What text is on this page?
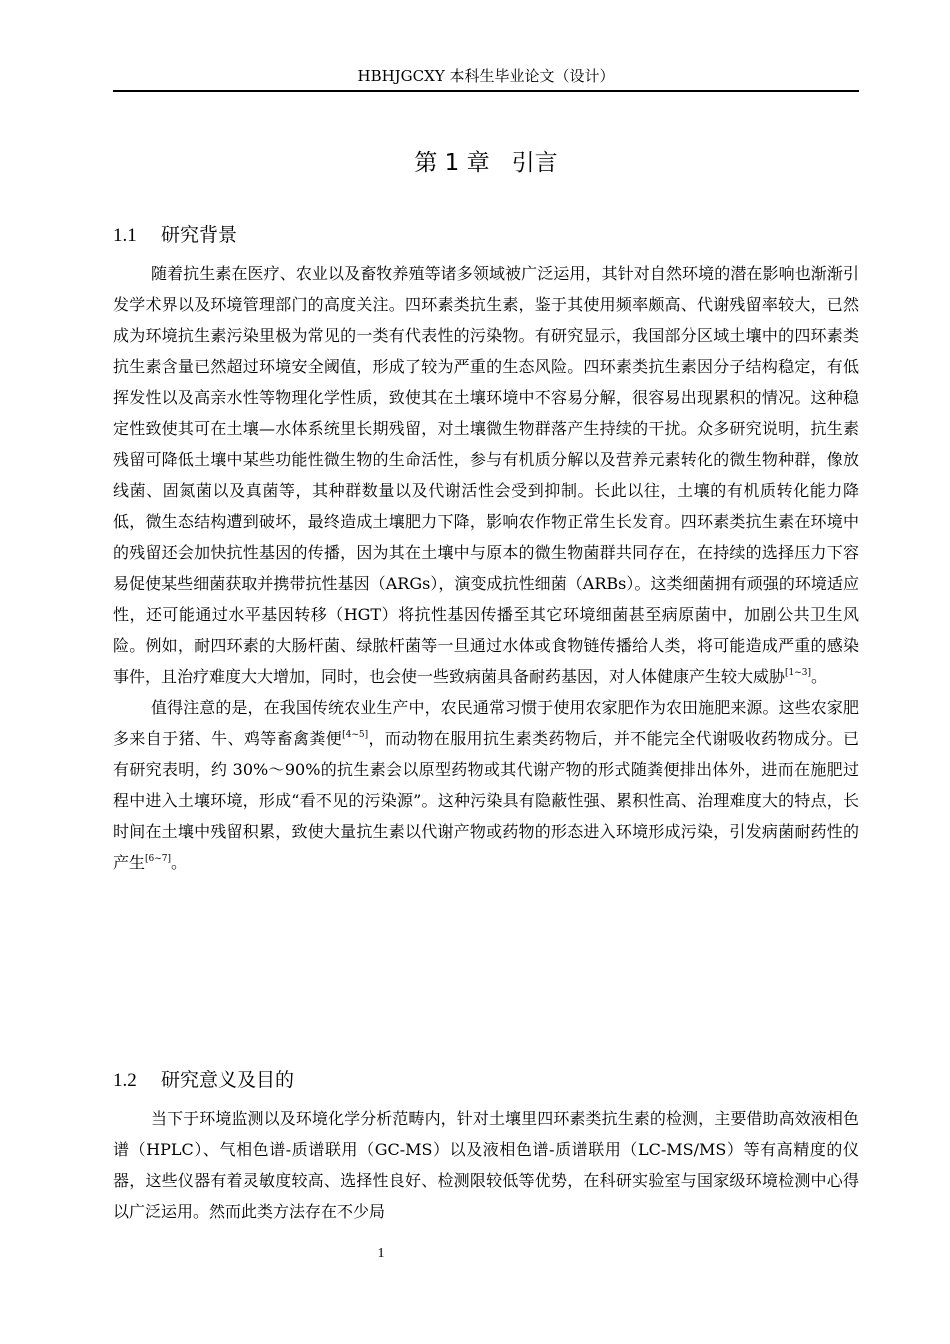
HBHJGCXY 本科生毕业论文（设计）
第 1 章 引言
1.1 研究背景

随着抗生素在医疗、农业以及畜牧养殖等诸多领域被广泛运用，其针对自然环境的潜在影响也渐渐引发学术界以及环境管理部门的高度关注。四环素类抗生素，鉴于其使用频率颇高、代谢残留率较大，已然成为环境抗生素污染里极为常见的一类有代表性的污染物。有研究显示，我国部分区域土壤中的四环素类抗生素含量已然超过环境安全阈值，形成了较为严重的生态风险。四环素类抗生素因分子结构稳定，有低挥发性以及高亲水性等物理化学性质，致使其在土壤环境中不容易分解，很容易出现累积的情况。这种稳定性致使其可在土壤—水体系统里长期残留，对土壤微生物群落产生持续的干扰。众多研究说明，抗生素残留可降低土壤中某些功能性微生物的生命活性，参与有机质分解以及营养元素转化的微生物种群，像放线菌、固氮菌以及真菌等，其种群数量以及代谢活性会受到抑制。长此以往，土壤的有机质转化能力降低，微生态结构遭到破坏，最终造成土壤肥力下降，影响农作物正常生长发育。四环素类抗生素在环境中的残留还会加快抗性基因的传播，因为其在土壤中与原本的微生物菌群共同存在，在持续的选择压力下容易促使某些细菌获取并携带抗性基因（ARGs），演变成抗性细菌（ARBs）。这类细菌拥有顽强的环境适应性，还可能通过水平基因转移（HGT）将抗性基因传播至其它环境细菌甚至病原菌中，加剧公共卫生风险。例如，耐四环素的大肠杆菌、绿脓杆菌等一旦通过水体或食物链传播给人类，将可能造成严重的感染事件，且治疗难度大大增加，同时，也会使一些致病菌具备耐药基因，对人体健康产生较大威胁[1~3]。

值得注意的是，在我国传统农业生产中，农民通常习惯于使用农家肥作为农田施肥来源。这些农家肥多来自于猪、牛、鸡等畜禽粪便[4~5]，而动物在服用抗生素类药物后，并不能完全代谢吸收药物成分。已有研究表明，约 30%～90%的抗生素会以原型药物或其代谢产物的形式随粪便排出体外，进而在施肥过程中进入土壤环境，形成“看不见的污染源”。这种污染具有隐蔽性强、累积性高、治理难度大的特点，长时间在土壤中残留积累，致使大量抗生素以代谢产物或药物的形态进入环境形成污染，引发病菌耐药性的产生[6~7]。

1.2 研究意义及目的

当下于环境监测以及环境化学分析范畴内，针对土壤里四环素类抗生素的检测，主要借助高效液相色谱（HPLC）、气相色谱-质谱联用（GC-MS）以及液相色谱-质谱联用（LC-MS/MS）等有高精度的仪器，这些仪器有着灵敏度较高、选择性良好、检测限较低等优势，在科研实验室与国家级环境检测中心得以广泛运用。然而此类方法存在不少局

1
